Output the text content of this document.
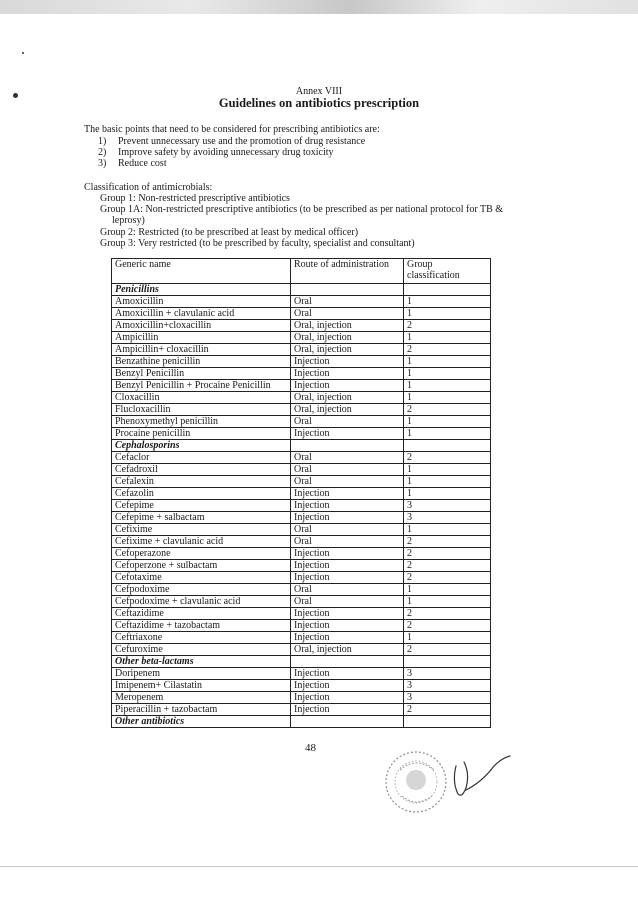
Annex VIII
Guidelines on antibiotics prescription
The basic points that need to be considered for prescribing antibiotics are:
1) Prevent unnecessary use and the promotion of drug resistance
2) Improve safety by avoiding unnecessary drug toxicity
3) Reduce cost
Classification of antimicrobials:
Group 1: Non-restricted prescriptive antibiotics
Group 1A: Non-restricted prescriptive antibiotics (to be prescribed as per national protocol for TB &
leprosy)
Group 2: Restricted (to be prescribed at least by medical officer)
Group 3: Very restricted (to be prescribed by faculty, specialist and consultant)
Generic name	Route of administration	Group classification
Penicillins		
Amoxicillin	Oral	1
Amoxicillin + clavulanic acid	Oral	1
Amoxicillin+cloxacillin	Oral, injection	2
Ampicillin	Oral, injection	1
Ampicillin+ cloxacillin	Oral, injection	2
Benzathine penicillin	Injection	1
Benzyl Penicillin	Injection	1
Benzyl Penicillin + Procaine Penicillin	Injection	1
Cloxacillin	Oral, injection	1
Flucloxacillin	Oral, injection	2
Phenoxymethyl penicillin	Oral	1
Procaine penicillin	Injection	1
Cephalosporins		
Cefaclor	Oral	2
Cefadroxil	Oral	1
Cefalexin	Oral	1
Cefazolin	Injection	1
Cefepime	Injection	3
Cefepime + salbactam	Injection	3
Cefixime	Oral	1
Cefixime + clavulanic acid	Oral	2
Cefoperazone	Injection	2
Cefoperzone + sulbactam	Injection	2
Cefotaxime	Injection	2
Cefpodoxime	Oral	1
Cefpodoxime + clavulanic acid	Oral	1
Ceftazidime	Injection	2
Ceftazidime + tazobactam	Injection	2
Ceftriaxone	Injection	1
Cefuroxime	Oral, injection	2
Other beta-lactams		
Doripenem	Injection	3
Imipenem+ Cilastatin	Injection	3
Meropenem	Injection	3
Piperacillin + tazobactam	Injection	2
Other antibiotics		
48
